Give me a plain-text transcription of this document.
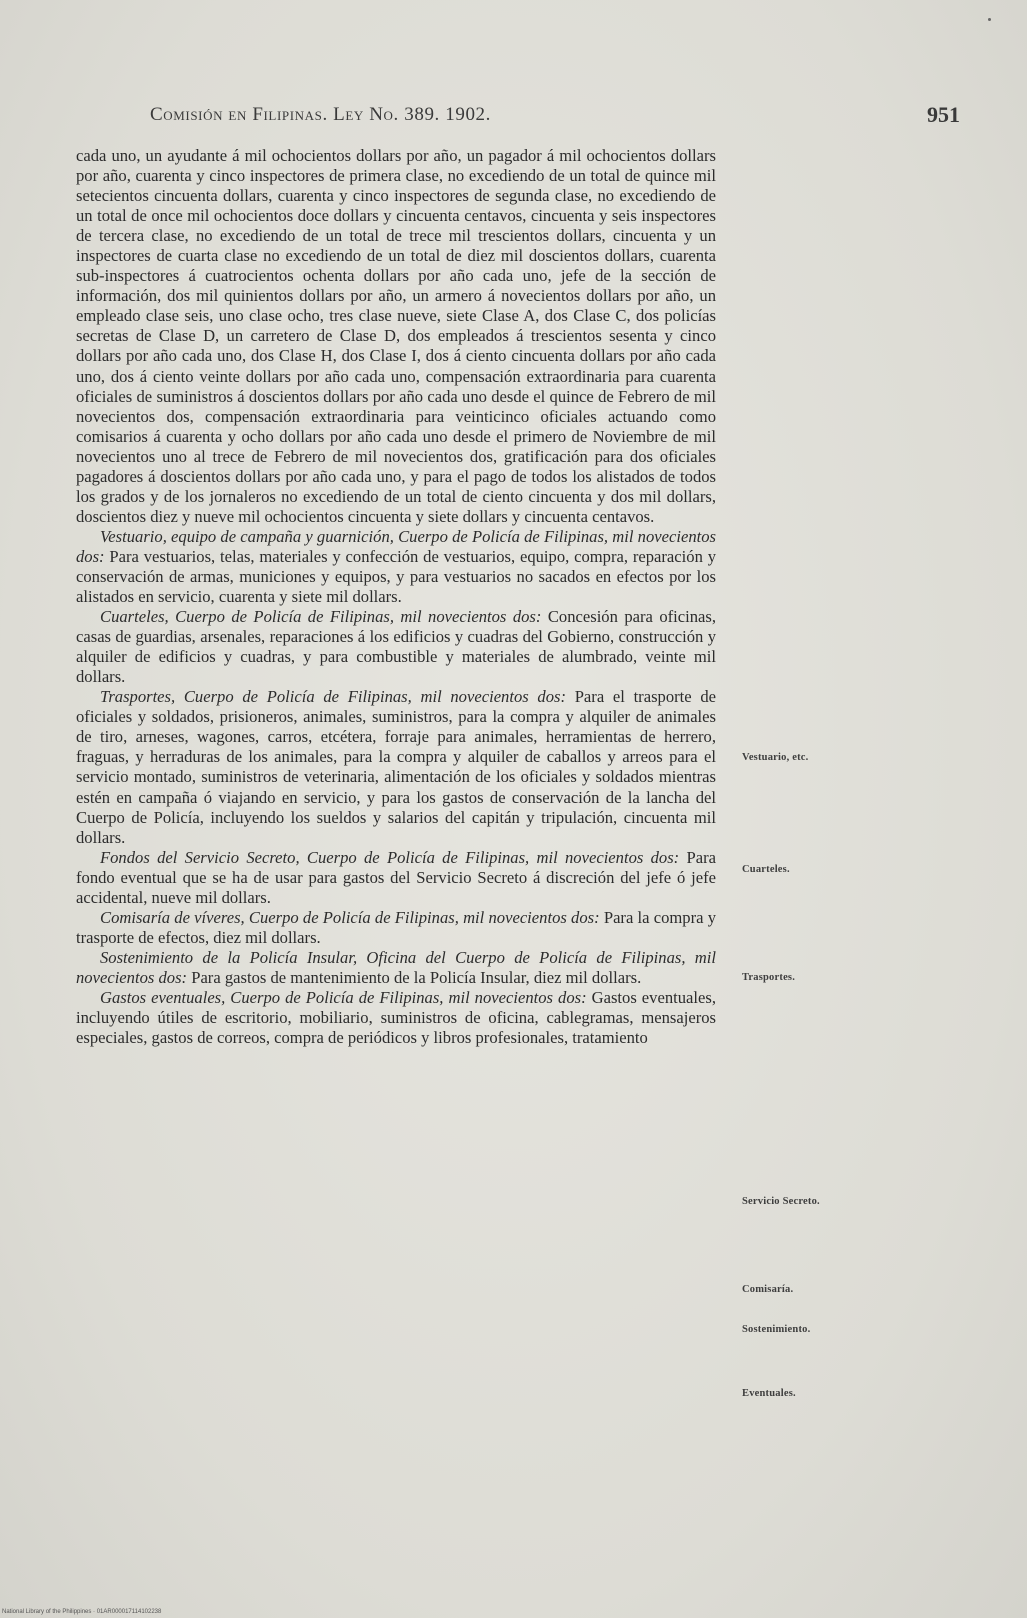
Comisión en Filipinas. Ley No. 389. 1902.	951

cada uno, un ayudante á mil ochocientos dollars por año, un pagador á mil ochocientos dollars por año, cuarenta y cinco inspectores de primera clase, no excediendo de un total de quince mil setecientos cincuenta dollars, cuarenta y cinco inspectores de segunda clase, no excediendo de un total de once mil ochocientos doce dollars y cincuenta centavos, cincuenta y seis inspectores de tercera clase, no excediendo de un total de trece mil trescientos dollars, cincuenta y un inspectores de cuarta clase no excediendo de un total de diez mil doscientos dollars, cuarenta sub-inspectores á cuatrocientos ochenta dollars por año cada uno, jefe de la sección de información, dos mil quinientos dollars por año, un armero á novecientos dollars por año, un empleado clase seis, uno clase ocho, tres clase nueve, siete Clase A, dos Clase C, dos policías secretas de Clase D, un carretero de Clase D, dos empleados á trescientos sesenta y cinco dollars por año cada uno, dos Clase H, dos Clase I, dos á ciento cincuenta dollars por año cada uno, dos á ciento veinte dollars por año cada uno, compensación extraordinaria para cuarenta oficiales de suministros á doscientos dollars por año cada uno desde el quince de Febrero de mil novecientos dos, compensación extraordinaria para veinticinco oficiales actuando como comisarios á cuarenta y ocho dollars por año cada uno desde el primero de Noviembre de mil novecientos uno al trece de Febrero de mil novecientos dos, gratificación para dos oficiales pagadores á doscientos dollars por año cada uno, y para el pago de todos los alistados de todos los grados y de los jornaleros no excediendo de un total de ciento cincuenta y dos mil dollars, doscientos diez y nueve mil ochocientos cincuenta y siete dollars y cincuenta centavos.

Vestuario, equipo de campaña y guarnición, Cuerpo de Policía de Filipinas, mil novecientos dos: Para vestuarios, telas, materiales y confección de vestuarios, equipo, compra, reparación y conservación de armas, municiones y equipos, y para vestuarios no sacados en efectos por los alistados en servicio, cuarenta y siete mil dollars.

Cuarteles, Cuerpo de Policía de Filipinas, mil novecientos dos: Concesión para oficinas, casas de guardias, arsenales, reparaciones á los edificios y cuadras del Gobierno, construcción y alquiler de edificios y cuadras, y para combustible y materiales de alumbrado, veinte mil dollars.

Trasportes, Cuerpo de Policía de Filipinas, mil novecientos dos: Para el trasporte de oficiales y soldados, prisioneros, animales, suministros, para la compra y alquiler de animales de tiro, arneses, wagones, carros, etcétera, forraje para animales, herramientas de herrero, fraguas, y herraduras de los animales, para la compra y alquiler de caballos y arreos para el servicio montado, suministros de veterinaria, alimentación de los oficiales y soldados mientras estén en campaña ó viajando en servicio, y para los gastos de conservación de la lancha del Cuerpo de Policía, incluyendo los sueldos y salarios del capitán y tripulación, cincuenta mil dollars.

Fondos del Servicio Secreto, Cuerpo de Policía de Filipinas, mil novecientos dos: Para fondo eventual que se ha de usar para gastos del Servicio Secreto á discreción del jefe ó jefe accidental, nueve mil dollars.

Comisaría de víveres, Cuerpo de Policía de Filipinas, mil novecientos dos: Para la compra y trasporte de efectos, diez mil dollars.

Sostenimiento de la Policía Insular, Oficina del Cuerpo de Policía de Filipinas, mil novecientos dos: Para gastos de mantenimiento de la Policía Insular, diez mil dollars.

Gastos eventuales, Cuerpo de Policía de Filipinas, mil novecientos dos: Gastos eventuales, incluyendo útiles de escritorio, mobiliario, suministros de oficina, cablegramas, mensajeros especiales, gastos de correos, compra de periódicos y libros profesionales, tratamiento

Vestuario, etc.
Cuarteles.
Trasportes.
Servicio Secreto.
Comisaría.
Sostenimiento.
Eventuales.
National Library of the Philippines · 01AR000017114102238
